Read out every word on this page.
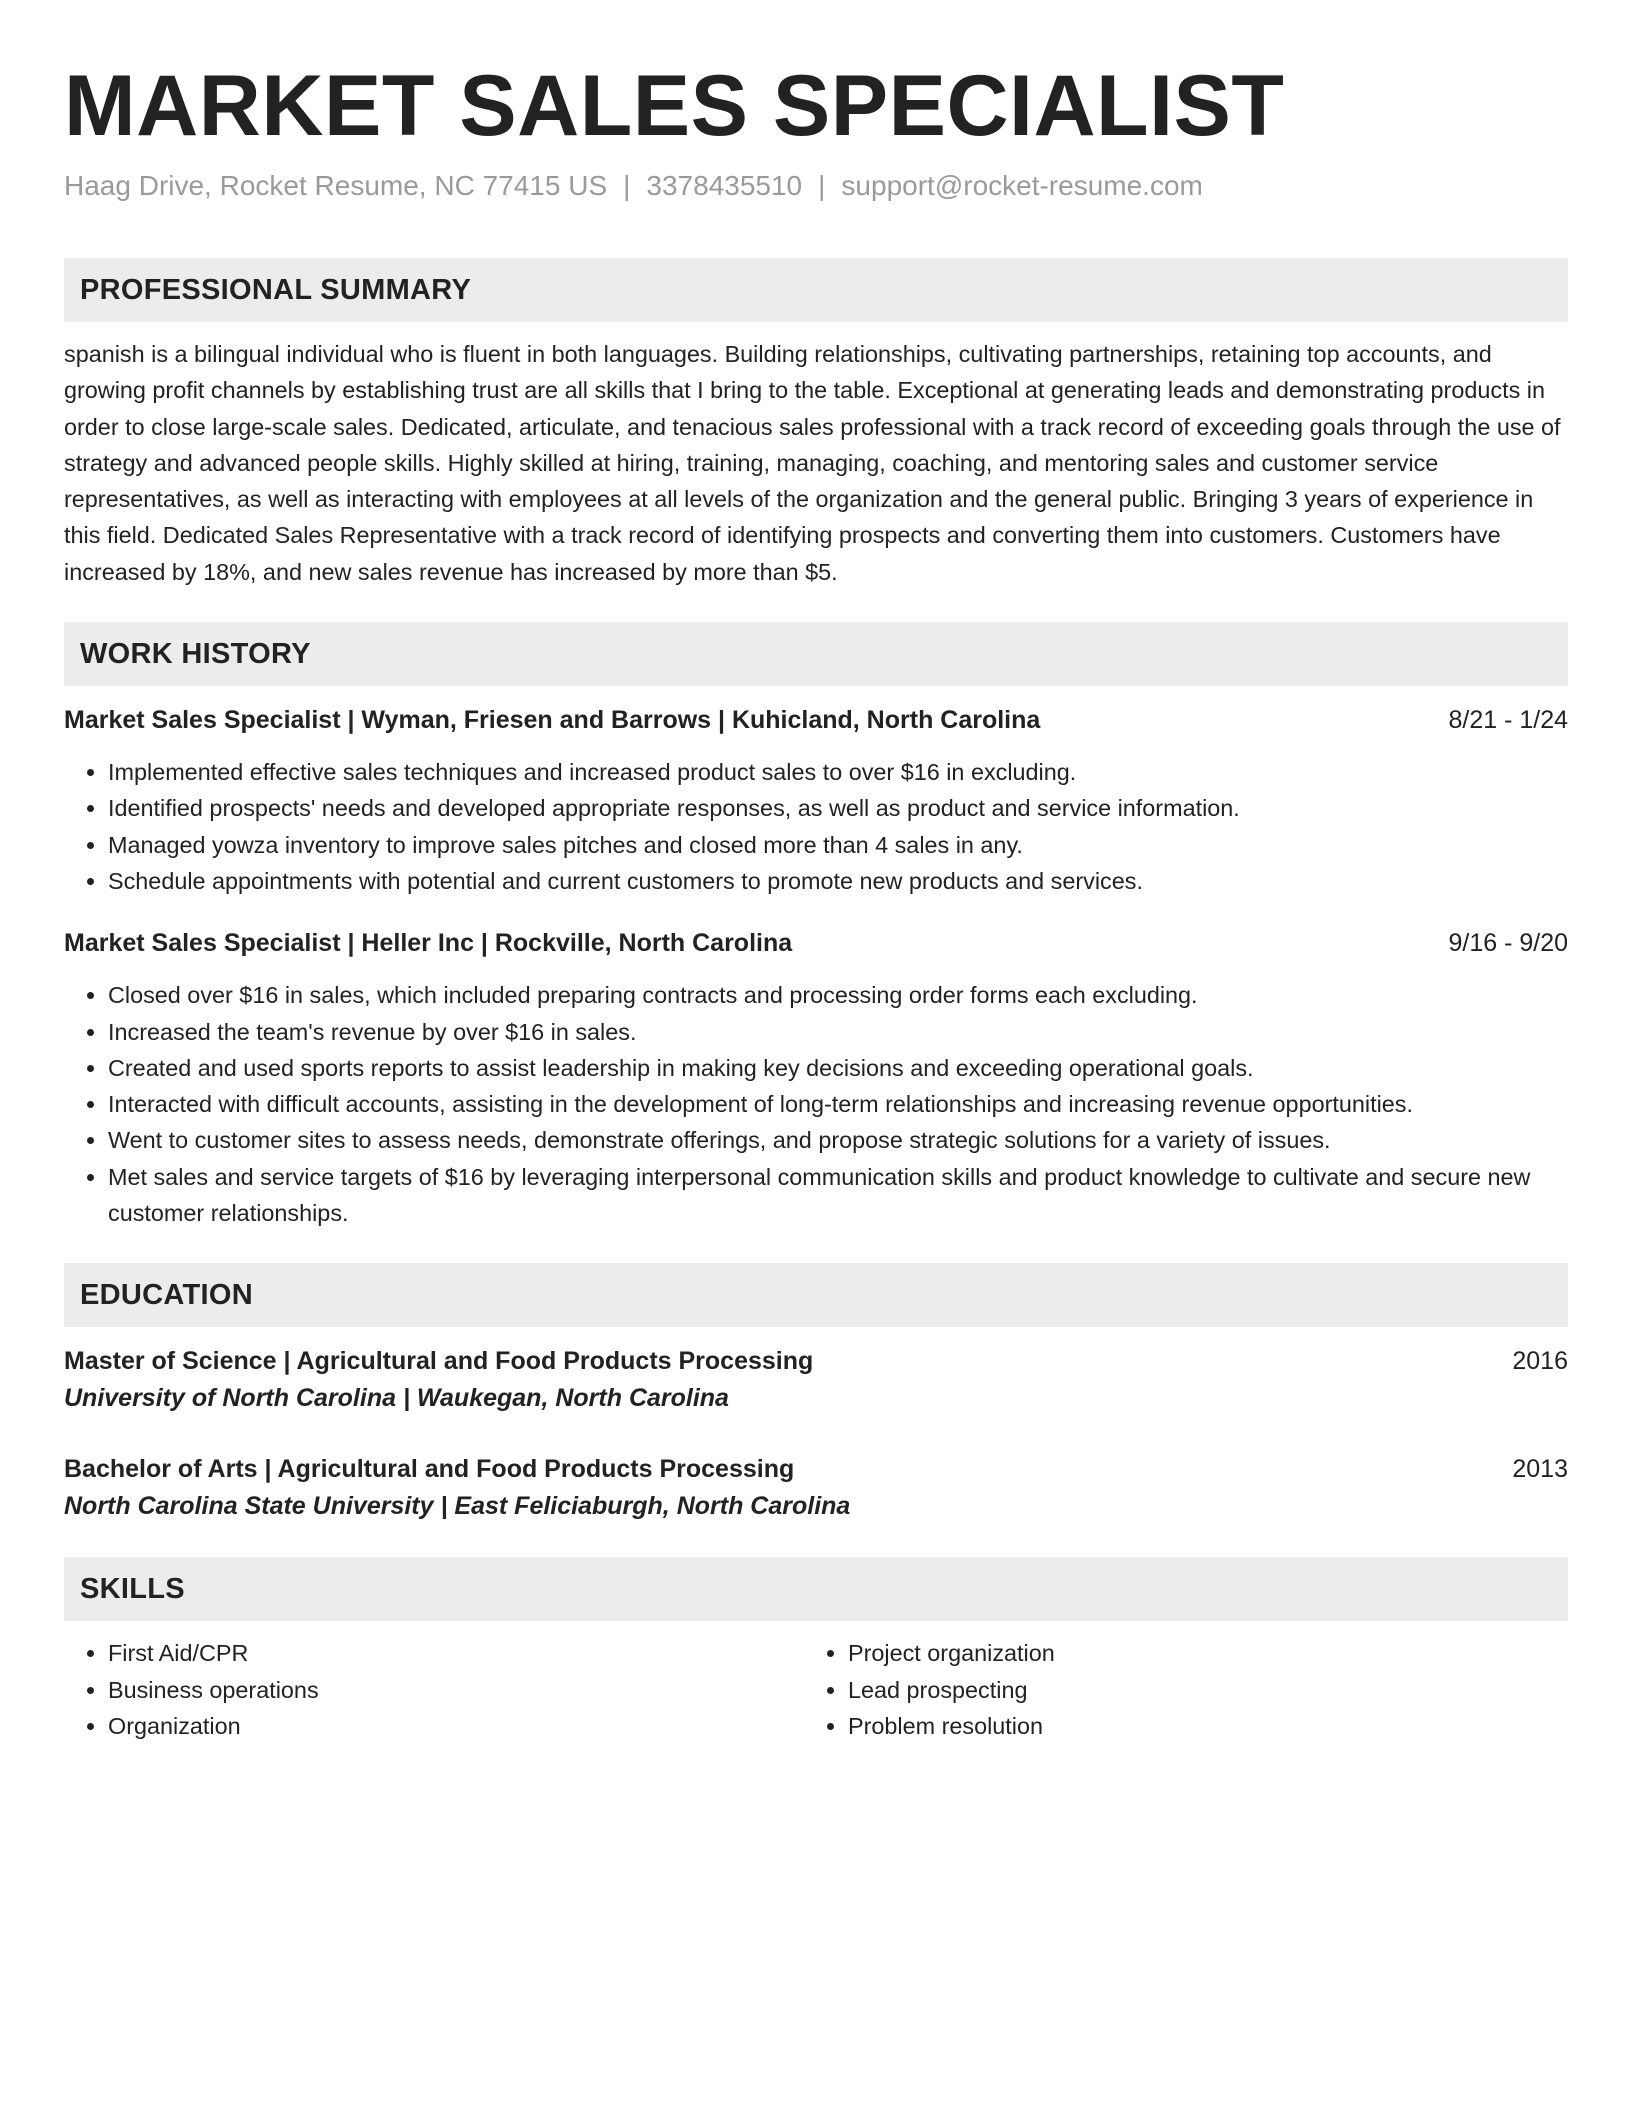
MARKET SALES SPECIALIST
Haag Drive, Rocket Resume, NC 77415 US | 3378435510 | support@rocket-resume.com
PROFESSIONAL SUMMARY

spanish is a bilingual individual who is fluent in both languages. Building relationships, cultivating partnerships, retaining top accounts, and growing profit channels by establishing trust are all skills that I bring to the table. Exceptional at generating leads and demonstrating products in order to close large-scale sales. Dedicated, articulate, and tenacious sales professional with a track record of exceeding goals through the use of strategy and advanced people skills. Highly skilled at hiring, training, managing, coaching, and mentoring sales and customer service representatives, as well as interacting with employees at all levels of the organization and the general public. Bringing 3 years of experience in this field. Dedicated Sales Representative with a track record of identifying prospects and converting them into customers. Customers have increased by 18%, and new sales revenue has increased by more than $5.

WORK HISTORY
Market Sales Specialist | Wyman, Friesen and Barrows | Kuhicland, North Carolina	8/21 - 1/24
• Implemented effective sales techniques and increased product sales to over $16 in excluding.
• Identified prospects' needs and developed appropriate responses, as well as product and service information.
• Managed yowza inventory to improve sales pitches and closed more than 4 sales in any.
• Schedule appointments with potential and current customers to promote new products and services.
Market Sales Specialist | Heller Inc | Rockville, North Carolina	9/16 - 9/20
• Closed over $16 in sales, which included preparing contracts and processing order forms each excluding.
• Increased the team's revenue by over $16 in sales.
• Created and used sports reports to assist leadership in making key decisions and exceeding operational goals.
• Interacted with difficult accounts, assisting in the development of long-term relationships and increasing revenue opportunities.
• Went to customer sites to assess needs, demonstrate offerings, and propose strategic solutions for a variety of issues.
• Met sales and service targets of $16 by leveraging interpersonal communication skills and product knowledge to cultivate and secure new customer relationships.
EDUCATION
Master of Science | Agricultural and Food Products Processing	2016
University of North Carolina | Waukegan, North Carolina
Bachelor of Arts | Agricultural and Food Products Processing	2013
North Carolina State University | East Feliciaburgh, North Carolina
SKILLS
• First Aid/CPR
• Business operations
• Organization
• Project organization
• Lead prospecting
• Problem resolution
